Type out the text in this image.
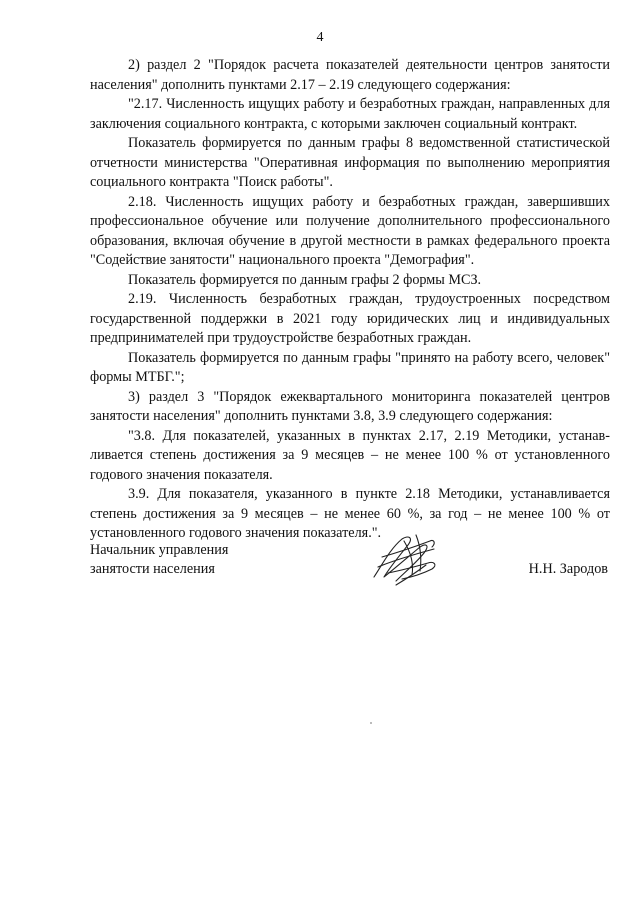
4

2) раздел 2 "Порядок расчета показателей деятельности центров занятости населения" дополнить пунктами 2.17 – 2.19 следующего содержания:

"2.17. Численность ищущих работу и безработных граждан, направленных для заключения социального контракта, с которыми заключен социальный контракт.

Показатель формируется по данным графы 8 ведомственной статистической отчетности министерства "Оперативная информация по выполнению мероприятия социального контракта "Поиск работы".

2.18. Численность ищущих работу и безработных граждан, завершивших профессиональное обучение или получение дополнительного профессионального образования, включая обучение в другой местности в рамках федерального проекта "Содействие занятости" национального проекта "Демография".

Показатель формируется по данным графы 2 формы МСЗ.

2.19. Численность безработных граждан, трудоустроенных посредством государственной поддержки в 2021 году юридических лиц и индивидуальных предпринимателей при трудоустройстве безработных граждан.

Показатель формируется по данным графы "принято на работу всего, человек" формы МТБГ.";

3) раздел 3 "Порядок ежеквартального мониторинга показателей центров занятости населения" дополнить пунктами 3.8, 3.9 следующего содержания:

"3.8. Для показателей, указанных в пунктах 2.17, 2.19 Методики, устанавливается степень достижения за 9 месяцев – не менее 100 % от установленного годового значения показателя.

3.9. Для показателя, указанного в пункте 2.18 Методики, устанавливается степень достижения за 9 месяцев – не менее 60 %, за год – не менее 100 % от установленного годового значения показателя.".

Начальник управления
занятости населения	Н.Н. Зародов
